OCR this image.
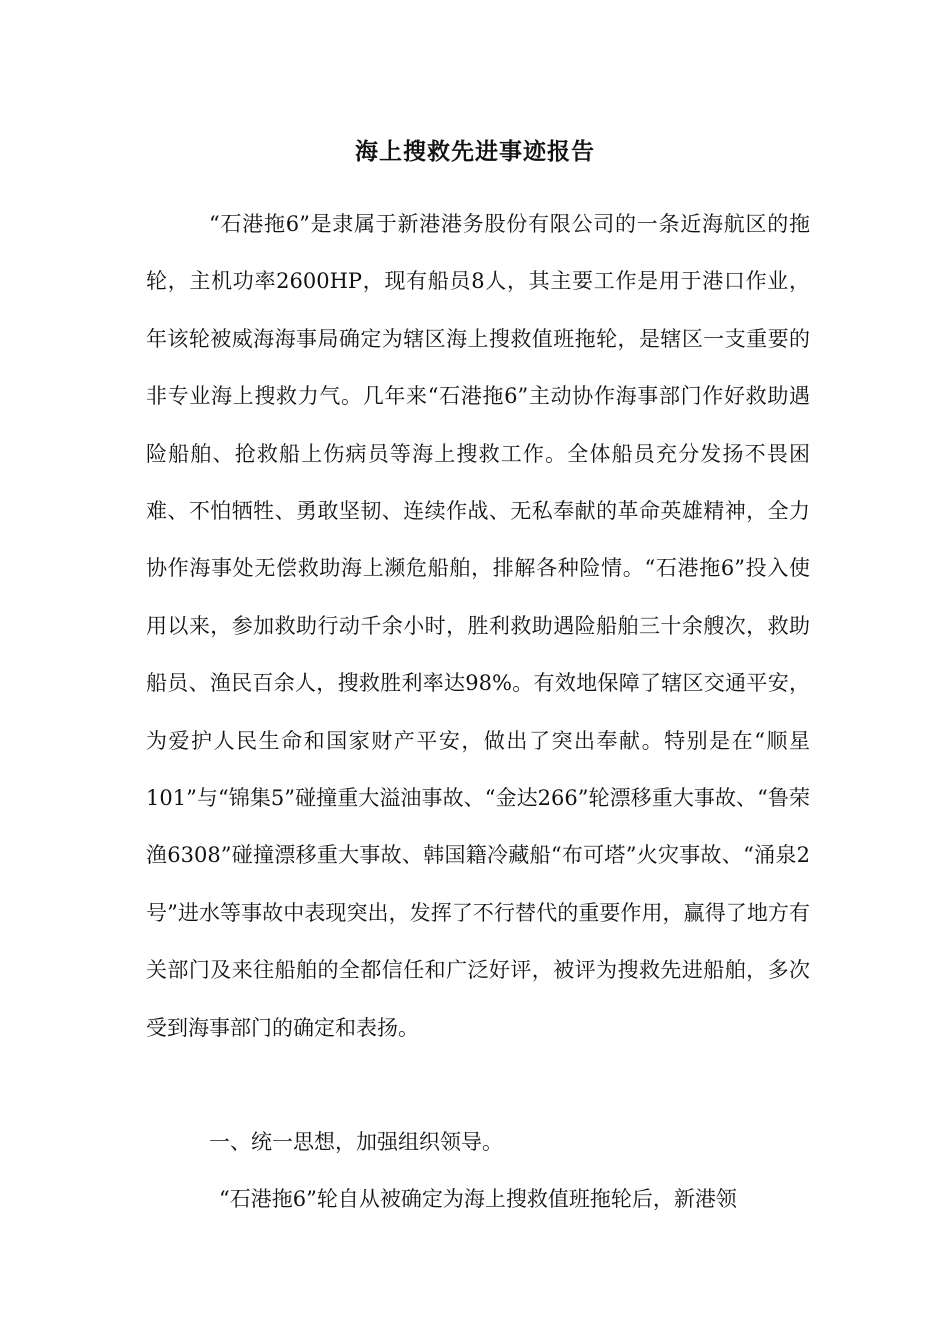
海上搜救先进事迹报告
“石港拖6”是隶属于新港港务股份有限公司的一条近海航区的拖轮，主机功率2600HP，现有船员8人，其主要工作是用于港口作业，年该轮被威海海事局确定为辖区海上搜救值班拖轮，是辖区一支重要的非专业海上搜救力气。几年来“石港拖6”主动协作海事部门作好救助遇险船舶、抢救船上伤病员等海上搜救工作。全体船员充分发扬不畏困难、不怕牺牲、勇敢坚韧、连续作战、无私奉献的革命英雄精神，全力协作海事处无偿救助海上濒危船舶，排解各种险情。“石港拖6”投入使用以来，参加救助行动千余小时，胜利救助遇险船舶三十余艘次，救助船员、渔民百余人，搜救胜利率达98%。有效地保障了辖区交通平安，为爱护人民生命和国家财产平安，做出了突出奉献。特别是在“顺星101”与“锦集5”碰撞重大溢油事故、“金达266”轮漂移重大事故、“鲁荣渔6308”碰撞漂移重大事故、韩国籍冷藏船“布可塔”火灾事故、“涌泉2号”进水等事故中表现突出，发挥了不行替代的重要作用，赢得了地方有关部门及来往船舶的全都信任和广泛好评，被评为搜救先进船舶，多次受到海事部门的确定和表扬。
一、统一思想，加强组织领导。
“石港拖6”轮自从被确定为海上搜救值班拖轮后，新港领
